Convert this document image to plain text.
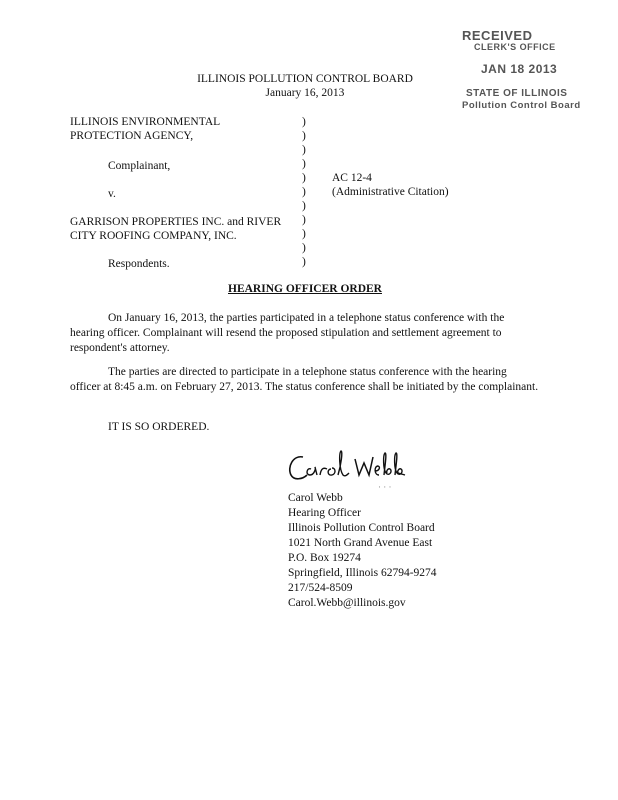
RECEIVED
CLERK'S OFFICE
JAN 18 2013
STATE OF ILLINOIS
Pollution Control Board
ILLINOIS POLLUTION CONTROL BOARD
January 16, 2013
ILLINOIS ENVIRONMENTAL
PROTECTION AGENCY,
Complainant,
v.
GARRISON PROPERTIES INC. and RIVER
CITY ROOFING COMPANY, INC.
Respondents.
)
)
)
)
)
)
)
)
)
)
)
AC 12-4
(Administrative Citation)
HEARING OFFICER ORDER
On January 16, 2013, the parties participated in a telephone status conference with the hearing officer. Complainant will resend the proposed stipulation and settlement agreement to respondent's attorney.
The parties are directed to participate in a telephone status conference with the hearing officer at 8:45 a.m. on February 27, 2013. The status conference shall be initiated by the complainant.
IT IS SO ORDERED.
· · ·
Carol Webb
Hearing Officer
Illinois Pollution Control Board
1021 North Grand Avenue East
P.O. Box 19274
Springfield, Illinois 62794-9274
217/524-8509
Carol.Webb@illinois.gov
